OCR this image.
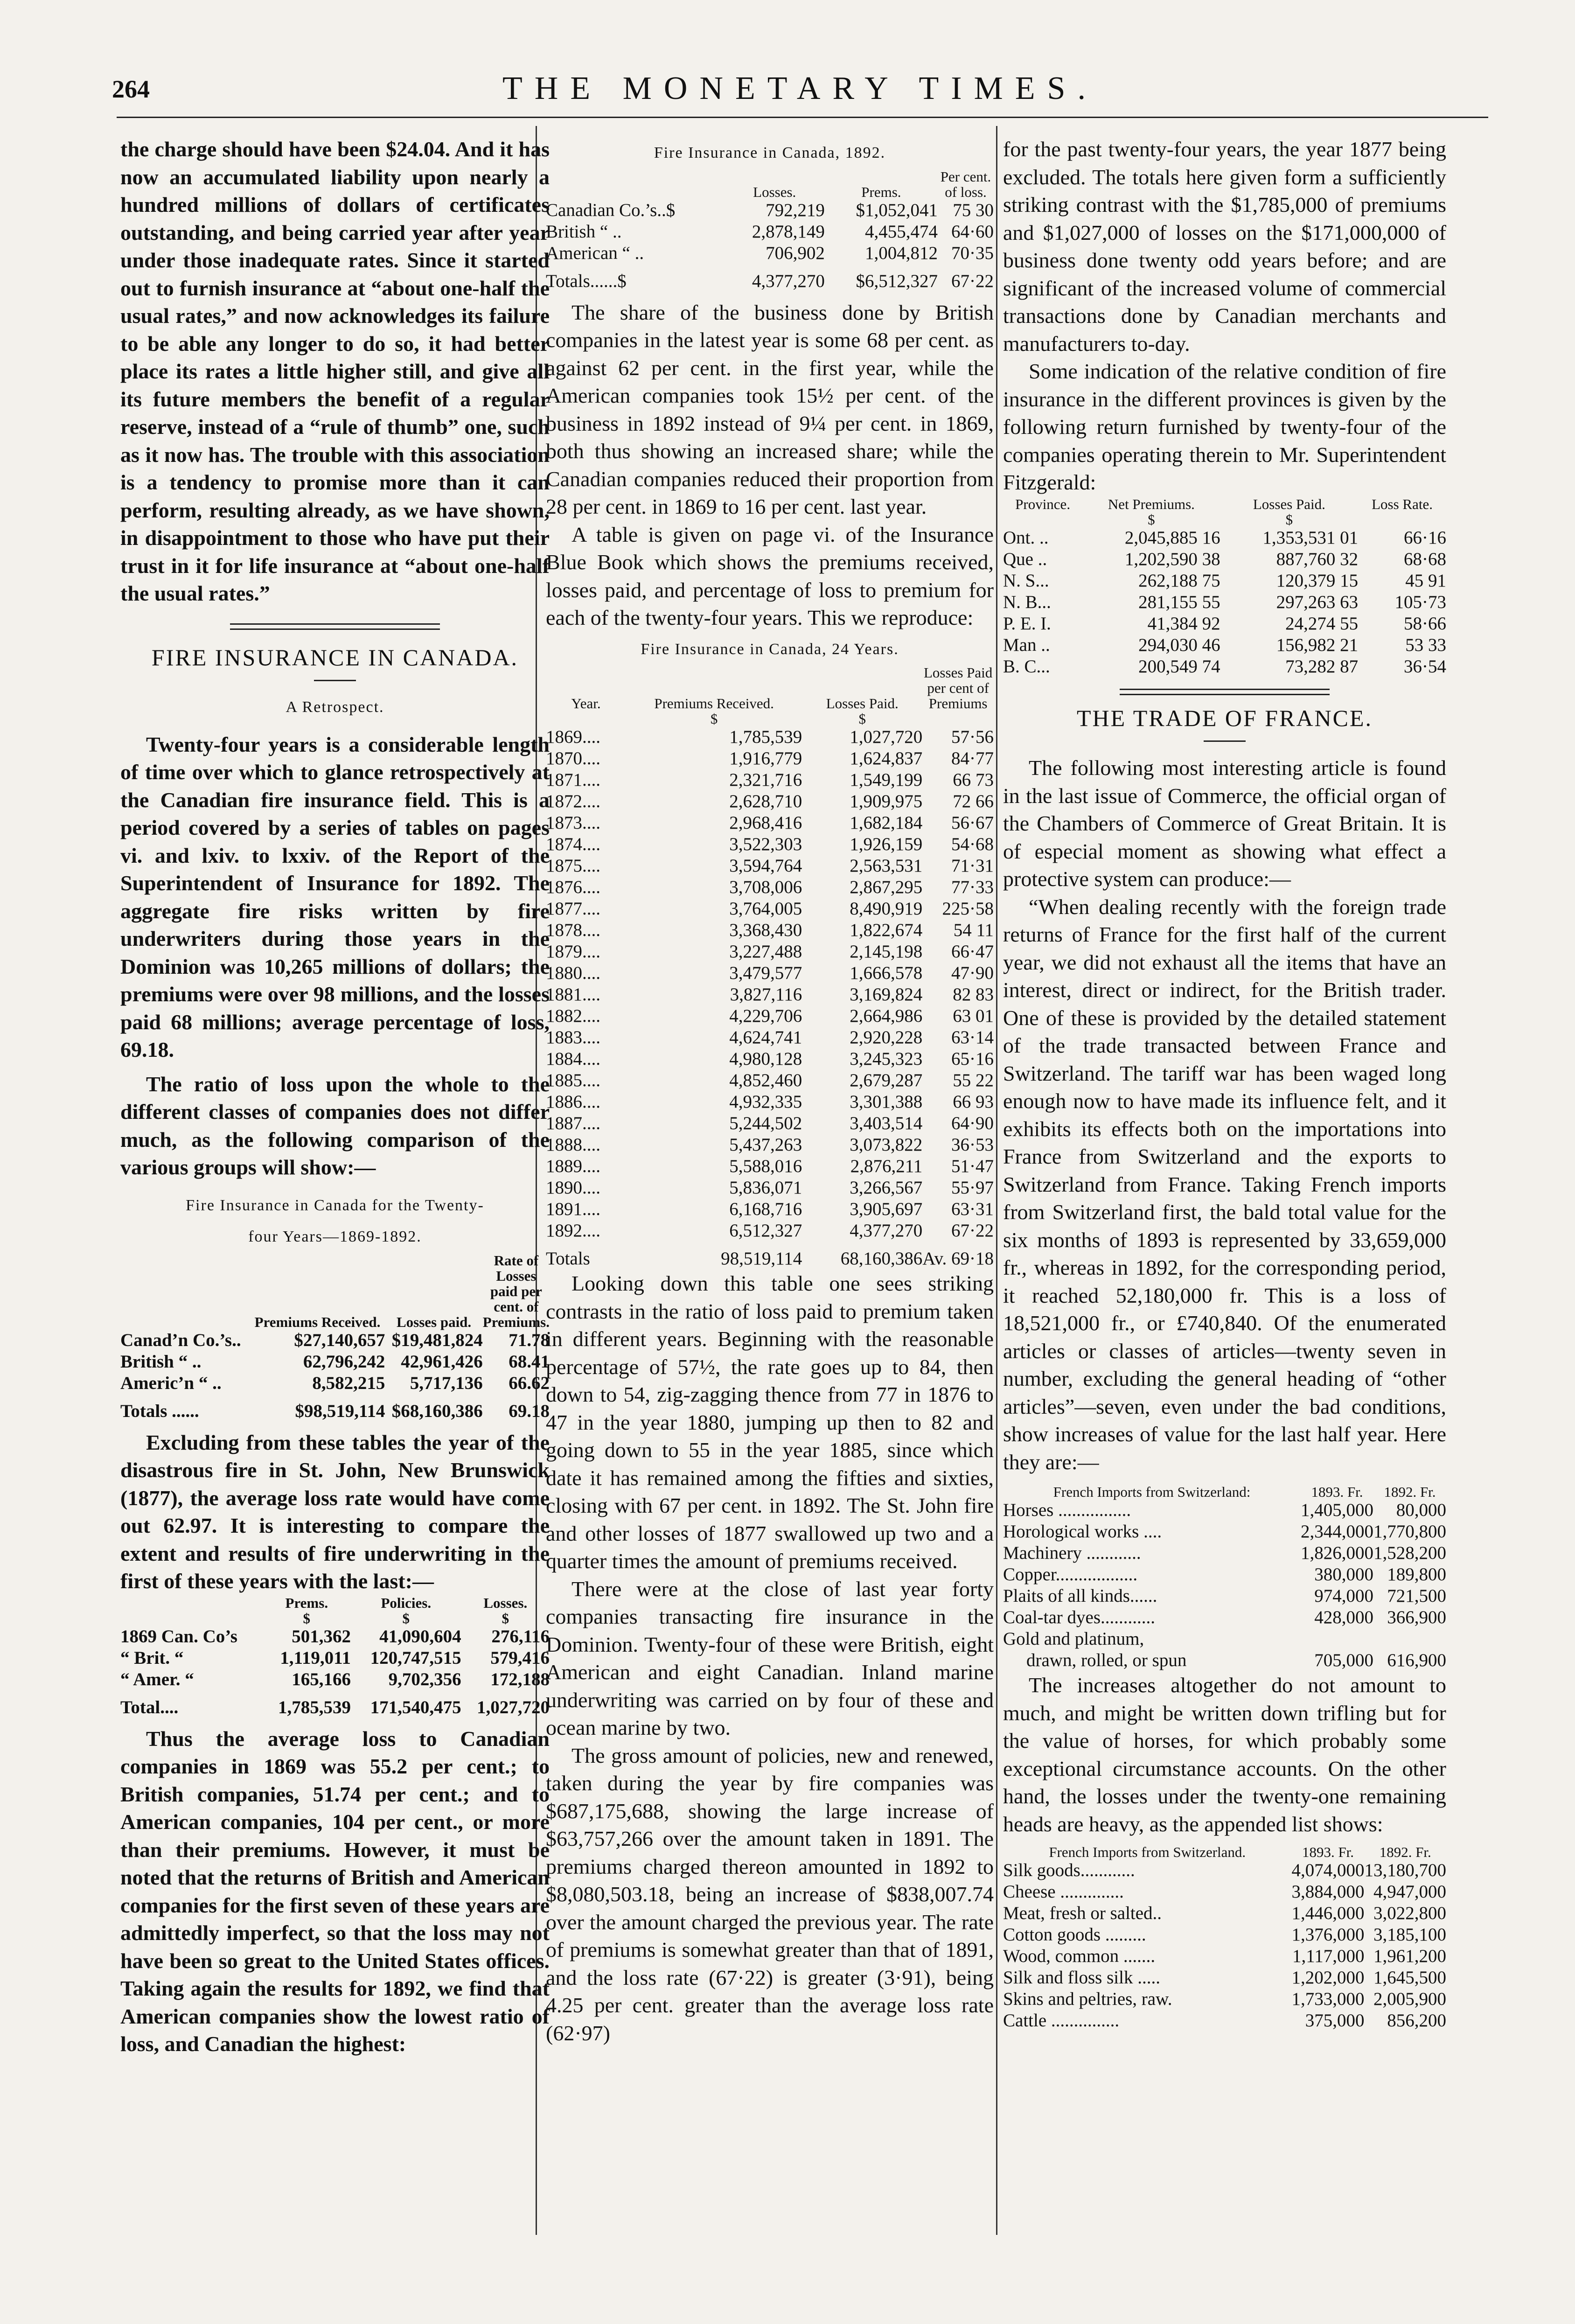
264	THE MONETARY TIMES.

the charge should have been $24.04. And it has now an accumulated liability upon nearly a hundred millions of dollars of certificates outstanding, and being carried year after year under those inadequate rates. Since it started out to furnish insurance at “about one-half the usual rates,” and now acknowledges its failure to be able any longer to do so, it had better place its rates a little higher still, and give all its future members the benefit of a regular reserve, instead of a “rule of thumb” one, such as it now has. The trouble with this association is a tendency to promise more than it can perform, resulting already, as we have shown, in disappointment to those who have put their trust in it for life insurance at “about one-half the usual rates.”

FIRE INSURANCE IN CANADA.
A Retrospect.

Twenty-four years is a considerable length of time over which to glance retrospectively at the Canadian fire insurance field. This is a period covered by a series of tables on pages vi. and lxiv. to lxxiv. of the Report of the Superintendent of Insurance for 1892. The aggregate fire risks written by fire underwriters during those years in the Dominion was 10,265 millions of dollars; the premiums were over 98 millions, and the losses paid 68 millions; average percentage of loss, 69.18.

The ratio of loss upon the whole to the different classes of companies does not differ much, as the following comparison of the various groups will show:—

Fire Insurance in Canada for the Twenty-
four Years—1869-1892.
	Premiums Received.	Losses paid.	Rate of Losses paid per cent. of Premiums.
Canad’n Co.’s..	$27,140,657	$19,481,824	71.78
British “ ..	62,796,242	42,961,426	68.41
Americ’n “ ..	8,582,215	5,717,136	66.62
Totals ......	$98,519,114	$68,160,386	69.18

Excluding from these tables the year of the disastrous fire in St. John, New Brunswick (1877), the average loss rate would have come out 62.97. It is interesting to compare the extent and results of fire underwriting in the first of these years with the last:—

	Prems.	Policies.	Losses.
	$	$	$
1869 Can. Co’s	501,362	41,090,604	276,116
“ Brit. “	1,119,011	120,747,515	579,416
“ Amer. “	165,166	9,702,356	172,188
Total....	1,785,539	171,540,475	1,027,720

Thus the average loss to Canadian companies in 1869 was 55.2 per cent.; to British companies, 51.74 per cent.; and to American companies, 104 per cent., or more than their premiums. However, it must be noted that the returns of British and American companies for the first seven of these years are admittedly imperfect, so that the loss may not have been so great to the United States offices. Taking again the results for 1892, we find that American companies show the lowest ratio of loss, and Canadian the highest:

Fire Insurance in Canada, 1892.
	Losses.	Prems.	Per cent. of loss.
Canadian Co.’s..$	792,219	$1,052,041	75 30
British “ ..	2,878,149	4,455,474	64·60
American “ ..	706,902	1,004,812	70·35
Totals......$	4,377,270	$6,512,327	67·22

The share of the business done by British companies in the latest year is some 68 per cent. as against 62 per cent. in the first year, while the American companies took 15½ per cent. of the business in 1892 instead of 9¼ per cent. in 1869, both thus showing an increased share; while the Canadian companies reduced their proportion from 28 per cent. in 1869 to 16 per cent. last year.

A table is given on page vi. of the Insurance Blue Book which shows the premiums received, losses paid, and percentage of loss to premium for each of the twenty-four years. This we reproduce:

Fire Insurance in Canada, 24 Years.
Year.	Premiums Received.	Losses Paid.	Losses Paid per cent of Premiums
	$	$	
1869....	1,785,539	1,027,720	57·56
1870....	1,916,779	1,624,837	84·77
1871....	2,321,716	1,549,199	66 73
1872....	2,628,710	1,909,975	72 66
1873....	2,968,416	1,682,184	56·67
1874....	3,522,303	1,926,159	54·68
1875....	3,594,764	2,563,531	71·31
1876....	3,708,006	2,867,295	77·33
1877....	3,764,005	8,490,919	225·58
1878....	3,368,430	1,822,674	54 11
1879....	3,227,488	2,145,198	66·47
1880....	3,479,577	1,666,578	47·90
1881....	3,827,116	3,169,824	82 83
1882....	4,229,706	2,664,986	63 01
1883....	4,624,741	2,920,228	63·14
1884....	4,980,128	3,245,323	65·16
1885....	4,852,460	2,679,287	55 22
1886....	4,932,335	3,301,388	66 93
1887....	5,244,502	3,403,514	64·90
1888....	5,437,263	3,073,822	36·53
1889....	5,588,016	2,876,211	51·47
1890....	5,836,071	3,266,567	55·97
1891....	6,168,716	3,905,697	63·31
1892....	6,512,327	4,377,270	67·22
Totals	98,519,114	68,160,386	Av. 69·18

Looking down this table one sees striking contrasts in the ratio of loss paid to premium taken in different years. Beginning with the reasonable percentage of 57½, the rate goes up to 84, then down to 54, zig-zagging thence from 77 in 1876 to 47 in the year 1880, jumping up then to 82 and going down to 55 in the year 1885, since which date it has remained among the fifties and sixties, closing with 67 per cent. in 1892. The St. John fire and other losses of 1877 swallowed up two and a quarter times the amount of premiums received.

There were at the close of last year forty companies transacting fire insurance in the Dominion. Twenty-four of these were British, eight American and eight Canadian. Inland marine underwriting was carried on by four of these and ocean marine by two.

The gross amount of policies, new and renewed, taken during the year by fire companies was $687,175,688, showing the large increase of $63,757,266 over the amount taken in 1891. The premiums charged thereon amounted in 1892 to $8,080,503.18, being an increase of $838,007.74 over the amount charged the previous year. The rate of premiums is somewhat greater than that of 1891, and the loss rate (67·22) is greater (3·91), being 4.25 per cent. greater than the average loss rate (62·97)

for the past twenty-four years, the year 1877 being excluded. The totals here given form a sufficiently striking contrast with the $1,785,000 of premiums and $1,027,000 of losses on the $171,000,000 of business done twenty odd years before; and are significant of the increased volume of commercial transactions done by Canadian merchants and manufacturers to-day.

Some indication of the relative condition of fire insurance in the different provinces is given by the following return furnished by twenty-four of the companies operating therein to Mr. Superintendent Fitzgerald:

Province.	Net Premiums.	Losses Paid.	Loss Rate.
	$	$	
Ont. ..	2,045,885 16	1,353,531 01	66·16
Que ..	1,202,590 38	887,760 32	68·68
N. S...	262,188 75	120,379 15	45 91
N. B...	281,155 55	297,263 63	105·73
P. E. I.	41,384 92	24,274 55	58·66
Man ..	294,030 46	156,982 21	53 33
B. C...	200,549 74	73,282 87	36·54
THE TRADE OF FRANCE.

The following most interesting article is found in the last issue of Commerce, the official organ of the Chambers of Commerce of Great Britain. It is of especial moment as showing what effect a protective system can produce:—

“When dealing recently with the foreign trade returns of France for the first half of the current year, we did not exhaust all the items that have an interest, direct or indirect, for the British trader. One of these is provided by the detailed statement of the trade transacted between France and Switzerland. The tariff war has been waged long enough now to have made its influence felt, and it exhibits its effects both on the importations into France from Switzerland and the exports to Switzerland from France. Taking French imports from Switzerland first, the bald total value for the six months of 1893 is represented by 33,659,000 fr., whereas in 1892, for the corresponding period, it reached 52,180,000 fr. This is a loss of 18,521,000 fr., or £740,840. Of the enumerated articles or classes of articles—twenty seven in number, excluding the general heading of “other articles”—seven, even under the bad conditions, show increases of value for the last half year. Here they are:—

French Imports from Switzerland:	1893. Fr.	1892. Fr.
Horses ................	1,405,000	80,000
Horological works ....	2,344,000	1,770,800
Machinery ............	1,826,000	1,528,200
Copper..................	380,000	189,800
Plaits of all kinds......	974,000	721,500
Coal-tar dyes............	428,000	366,900
Gold and platinum,		
drawn, rolled, or spun	705,000	616,900

The increases altogether do not amount to much, and might be written down trifling but for the value of horses, for which probably some exceptional circumstance accounts. On the other hand, the losses under the twenty-one remaining heads are heavy, as the appended list shows:

French Imports from Switzerland.	1893. Fr.	1892. Fr.
Silk goods............	4,074,000	13,180,700
Cheese ..............	3,884,000	4,947,000
Meat, fresh or salted..	1,446,000	3,022,800
Cotton goods .........	1,376,000	3,185,100
Wood, common .......	1,117,000	1,961,200
Silk and floss silk .....	1,202,000	1,645,500
Skins and peltries, raw.	1,733,000	2,005,900
Cattle ...............	375,000	856,200
